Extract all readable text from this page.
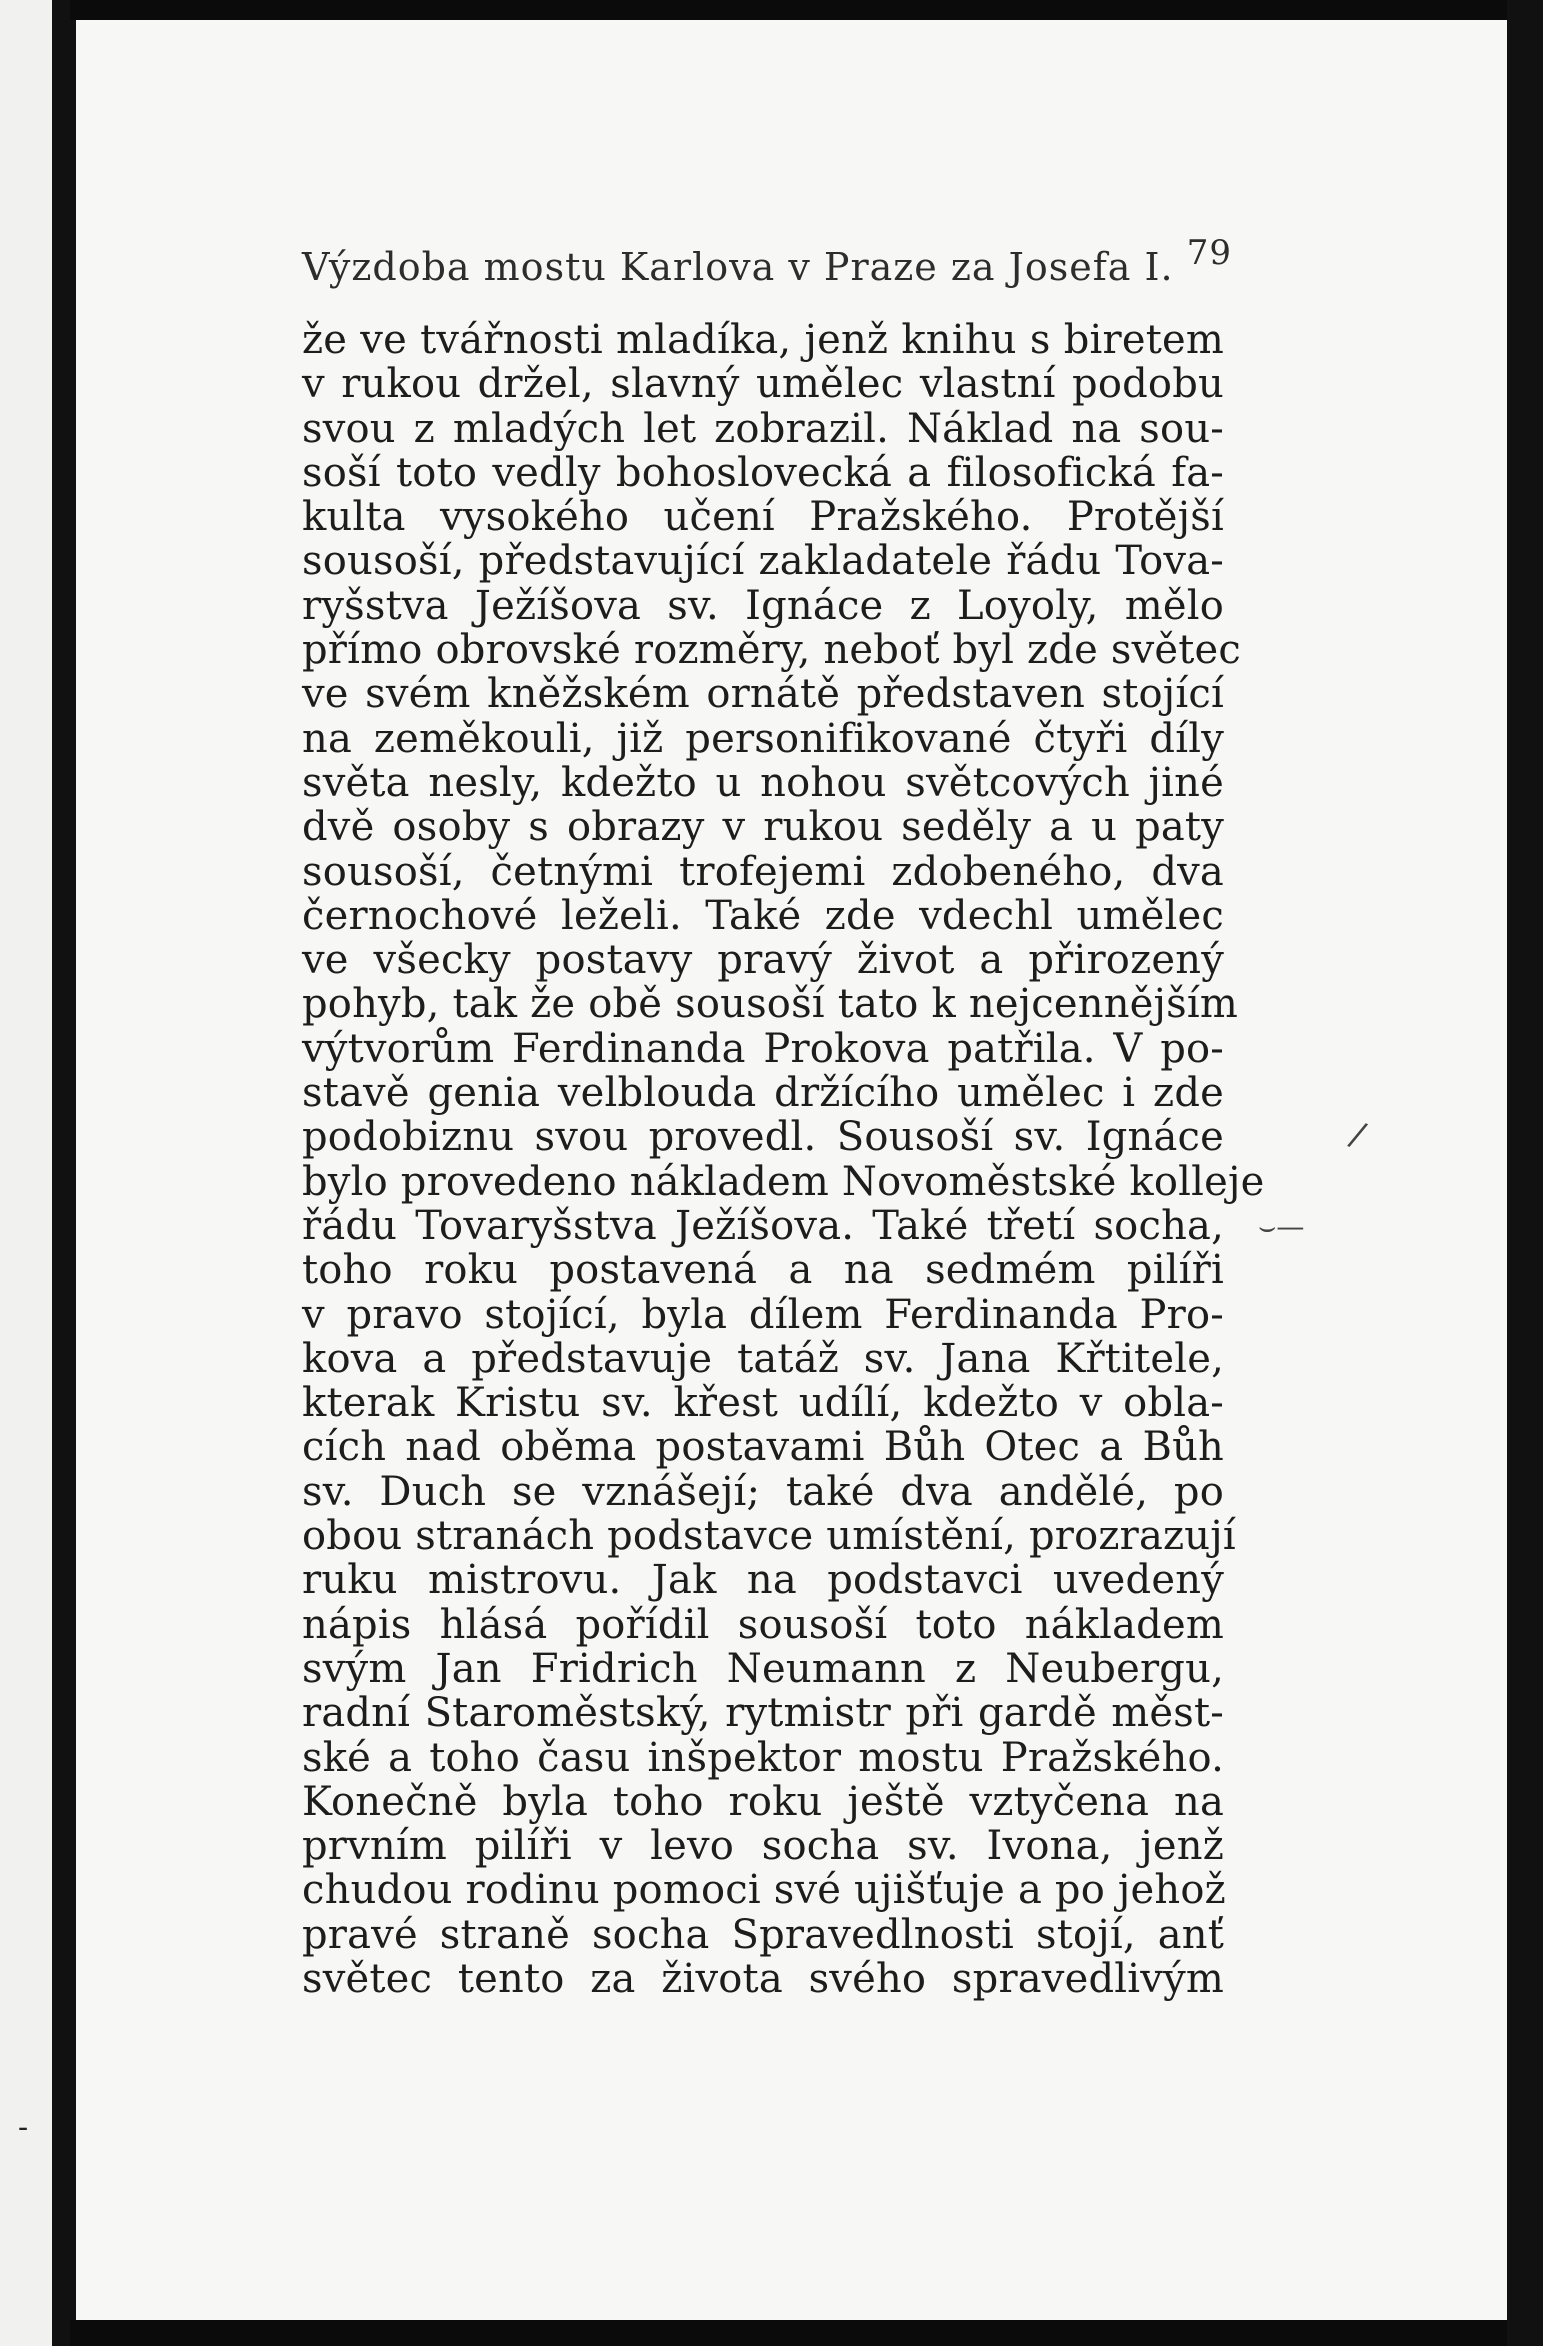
Výzdoba mostu Karlova v Praze za Josefa I. 79
že ve tvářnosti mladíka, jenž knihu s biretem
v rukou držel, slavný umělec vlastní podobu
svou z mladých let zobrazil. Náklad na sou-
soší toto vedly bohoslovecká a filosofická fa-
kulta vysokého učení Pražského. Protější
sousoší, představující zakladatele řádu Tova-
ryšstva Ježíšova sv. Ignáce z Loyoly, mělo
přímo obrovské rozměry, neboť byl zde světec
ve svém kněžském ornátě představen stojící
na zeměkouli, již personifikované čtyři díly
světa nesly, kdežto u nohou světcových jiné
dvě osoby s obrazy v rukou seděly a u paty
sousoší, četnými trofejemi zdobeného, dva
černochové leželi. Také zde vdechl umělec
ve všecky postavy pravý život a přirozený
pohyb, tak že obě sousoší tato k nejcennějším
výtvorům Ferdinanda Prokova patřila. V po-
stavě genia velblouda držícího umělec i zde
podobiznu svou provedl. Sousoší sv. Ignáce
bylo provedeno nákladem Novoměstské kolleje
řádu Tovaryšstva Ježíšova. Také třetí socha,
toho roku postavená a na sedmém pilíři
v pravo stojící, byla dílem Ferdinanda Pro-
kova a představuje tatáž sv. Jana Křtitele,
kterak Kristu sv. křest udílí, kdežto v obla-
cích nad oběma postavami Bůh Otec a Bůh
sv. Duch se vznášejí; také dva andělé, po
obou stranách podstavce umístění, prozrazují
ruku mistrovu. Jak na podstavci uvedený
nápis hlásá pořídil sousoší toto nákladem
svým Jan Fridrich Neumann z Neubergu,
radní Staroměstský, rytmistr při gardě měst-
ské a toho času inšpektor mostu Pražského.
Konečně byla toho roku ještě vztyčena na
prvním pilíři v levo socha sv. Ivona, jenž
chudou rodinu pomoci své ujišťuje a po jehož
pravé straně socha Spravedlnosti stojí, anť
světec tento za života svého spravedlivým
/
⌣—
‐
